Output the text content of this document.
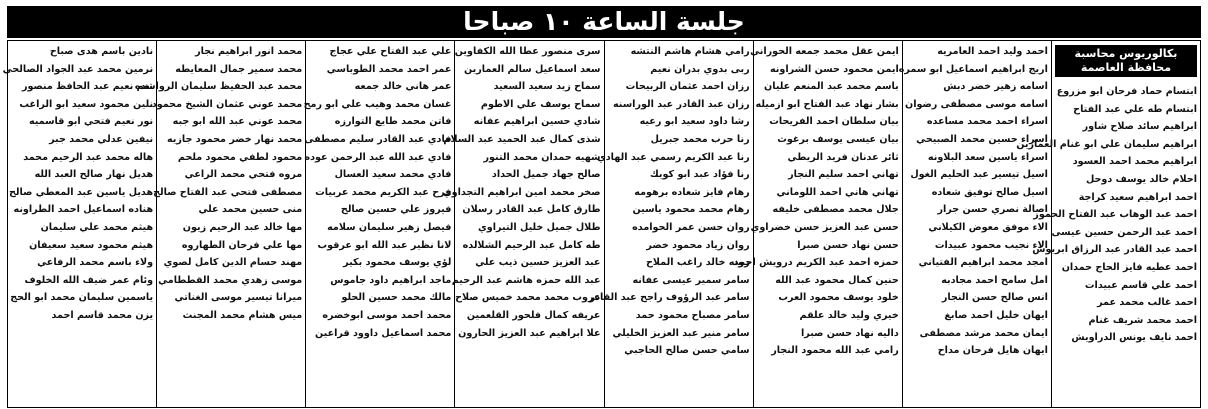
جلسة الساعة ١٠ صباحا
بكالوريوس محاسبة
محافظة العاصمة
ابتسام حماد فرحان ابو مزروع
ابتسام طه علي عبد الفتاح
ابراهيم سائد صلاح شاور
ابراهيم سليمان علي ابو غنام العمارين
ابراهيم محمد احمد العسود
احلام خالد يوسف دوحل
احمد ابراهيم سعيد كراجة
احمد عبد الوهاب عبد الفتاح الحموز
احمد عبد الرحمن حسين عيسى
احمد عبد القادر عبد الرزاق ابريوش
احمد عطيه فايز الحاج حمدان
احمد علي قاسم عبيدات
احمد غالب محمد عمر
احمد محمد شريف غنام
احمد نايف يونس الدراويش
احمد وليد احمد العامريه
اريج ابراهيم اسماعيل ابو سمره
اسامه زهير خضر دبش
اسامه موسى مصطفى رضوان
اسراء احمد محمد مساعده
اسراء حسين محمد الصبيحي
اسراء ياسين سعد البلاونه
اسيل تيسير عبد الحليم الغول
اسيل صالح توفيق شعاده
اصالة نصري حسن جرار
الاء موفق معوض الكيلاني
الاء نجيب محمود عبيدات
امجد محمد ابراهيم الفتياني
امل سامح احمد مجادبه
انس صالح حسن النجار
ايهان خليل احمد صابغ
ايمان محمد مرشد مصطفى
ايهان هايل فرحان مداح
ايمن عقل محمد جمعه الحوراني
ايمن محمود حسن الشراونه
باسم محمد عبد المنعم عليان
بشار نهاد عبد الفتاح ابو ازميله
بيان سلطان احمد الفريحات
بيان عيسى يوسف برغوث
ثائر عدنان فريد الريطي
تهاني احمد سليم النجار
تهاني هاني احمد اللوماني
جلال محمد مصطفى خليفه
حسن عبد العزيز حسن خضراوي
حسن نهاد حسن صبرا
حمزه احمد عبد الكريم درويش احمد
حنين كمال محمود عبد الله
خلود يوسف محمود العرب
خيري وليد خالد علقم
داليه نهاد حسن صبرا
رامي عبد الله محمود النجار
رامي هشام هاشم النتشه
ربى بدوي بدران نعيم
رزان احمد عثمان الربيحات
رزان عبد القادر عبد الوراسنه
رشا داود سعيد ابو رعيه
رنا حرب محمد جبريل
رنا عبد الكريم رسمي عبد الهادي
رنا فؤاد عبد ابو كويك
رهام فايز شعاده برهومه
رهام محمد محمود ياسين
روان حسن عمر الحوامده
روان زياد محمود خضر
رونه خالد راغب الملاح
سامر سمير عيسى عفانه
سامر عبد الرؤوف راجح عبد القادر
سامر مصباح محمود حمد
سامر منير عبد العزيز الخليلي
سامي حسن صالح الحاجبي
سرى منصور عطا الله الكفاوين
سعد اسماعيل سالم العمارين
سماح زيد سعيد السعيد
سماح يوسف علي الاطوم
شادي حسين ابراهيم عفانه
شذى كمال عبد الحميد عبد السلام
شهيه حمدان محمد التنور
صالح جهاد جميل الحداد
صخر محمد امين ابراهيم التجداوي
طارق كامل عبد القادر رسلان
طلال جميل خليل التيراوي
طه كامل عبد الرحيم الشلالده
عبد العزيز حسين ذيب علي
عبد الله حمزه هاشم عبد الرحيم
عروب محمد محمد خميس صلاح
عريفه كمال فلحور القلعمين
علا ابراهيم عبد العزيز الحارون
علي عبد الفتاح علي عجاج
عمر احمد محمد الطوباسي
عمر هاني خالد جمعه
غسان محمد وهيب علي ابو رمح
فاتن محمد طايع التوارزه
فادي عبد القادر سليم مصطفى
فادي عبد الله عبد الرحمن عوده
فادي محمد سعيد العسال
فرح عبد الكريم محمد عربيات
فيروز علي حسين صالح
فيصل زهير سليمان سلامه
لانا نظير عبد الله ابو عرقوب
لؤي يوسف محمود بكير
ماجد ابراهيم داود جاموس
مالك محمد حسين الحلو
محمد احمد موسى ابوخضره
محمد اسماعيل داوود قراعين
محمد انور ابراهيم نجار
محمد سمير جمال المعايطه
محمد عبد الحفيظ سليمان الرواشده
محمد عوني عثمان الشيخ محمود
محمد عوني عبد الله ابو جبه
محمد نهار خضر محمود جازيه
محمود لطفي محمود ملحم
مروه فتحي محمد الراعي
مصطفى فتحي عبد الفتاح صالح
منى حسين محمد علي
مها خالد عبد الرحيم زيون
مها علي فرحان الطهاروه
مهند حسام الدين كامل لصوي
موسى زهدي محمد القططامي
ميرانا تيسير موسى الغناتي
ميس هشام محمد المجنث
نادين باسم هدى صباح
نرمين محمد عبد الجواد الصالحي
نغم نعيم عبد الحافظ منصور
نلين محمود سعيد ابو الراغب
نور نعيم فتحي ابو قاسميه
نيفين عدلي محمد جبر
هاله محمد عبد الرحيم محمد
هديل نهار صالح العبد الله
هديل ياسين عبد المعطي صالح
هناده اسماعيل احمد الطراونه
هيثم محمد علي سليمان
هيثم محمود سعيد سعيفان
ولاء باسم محمد الرفاعي
وئام عمر ضيف الله الخلوف
ياسمين سليمان محمد ابو الحج
يزن محمد قاسم احمد
